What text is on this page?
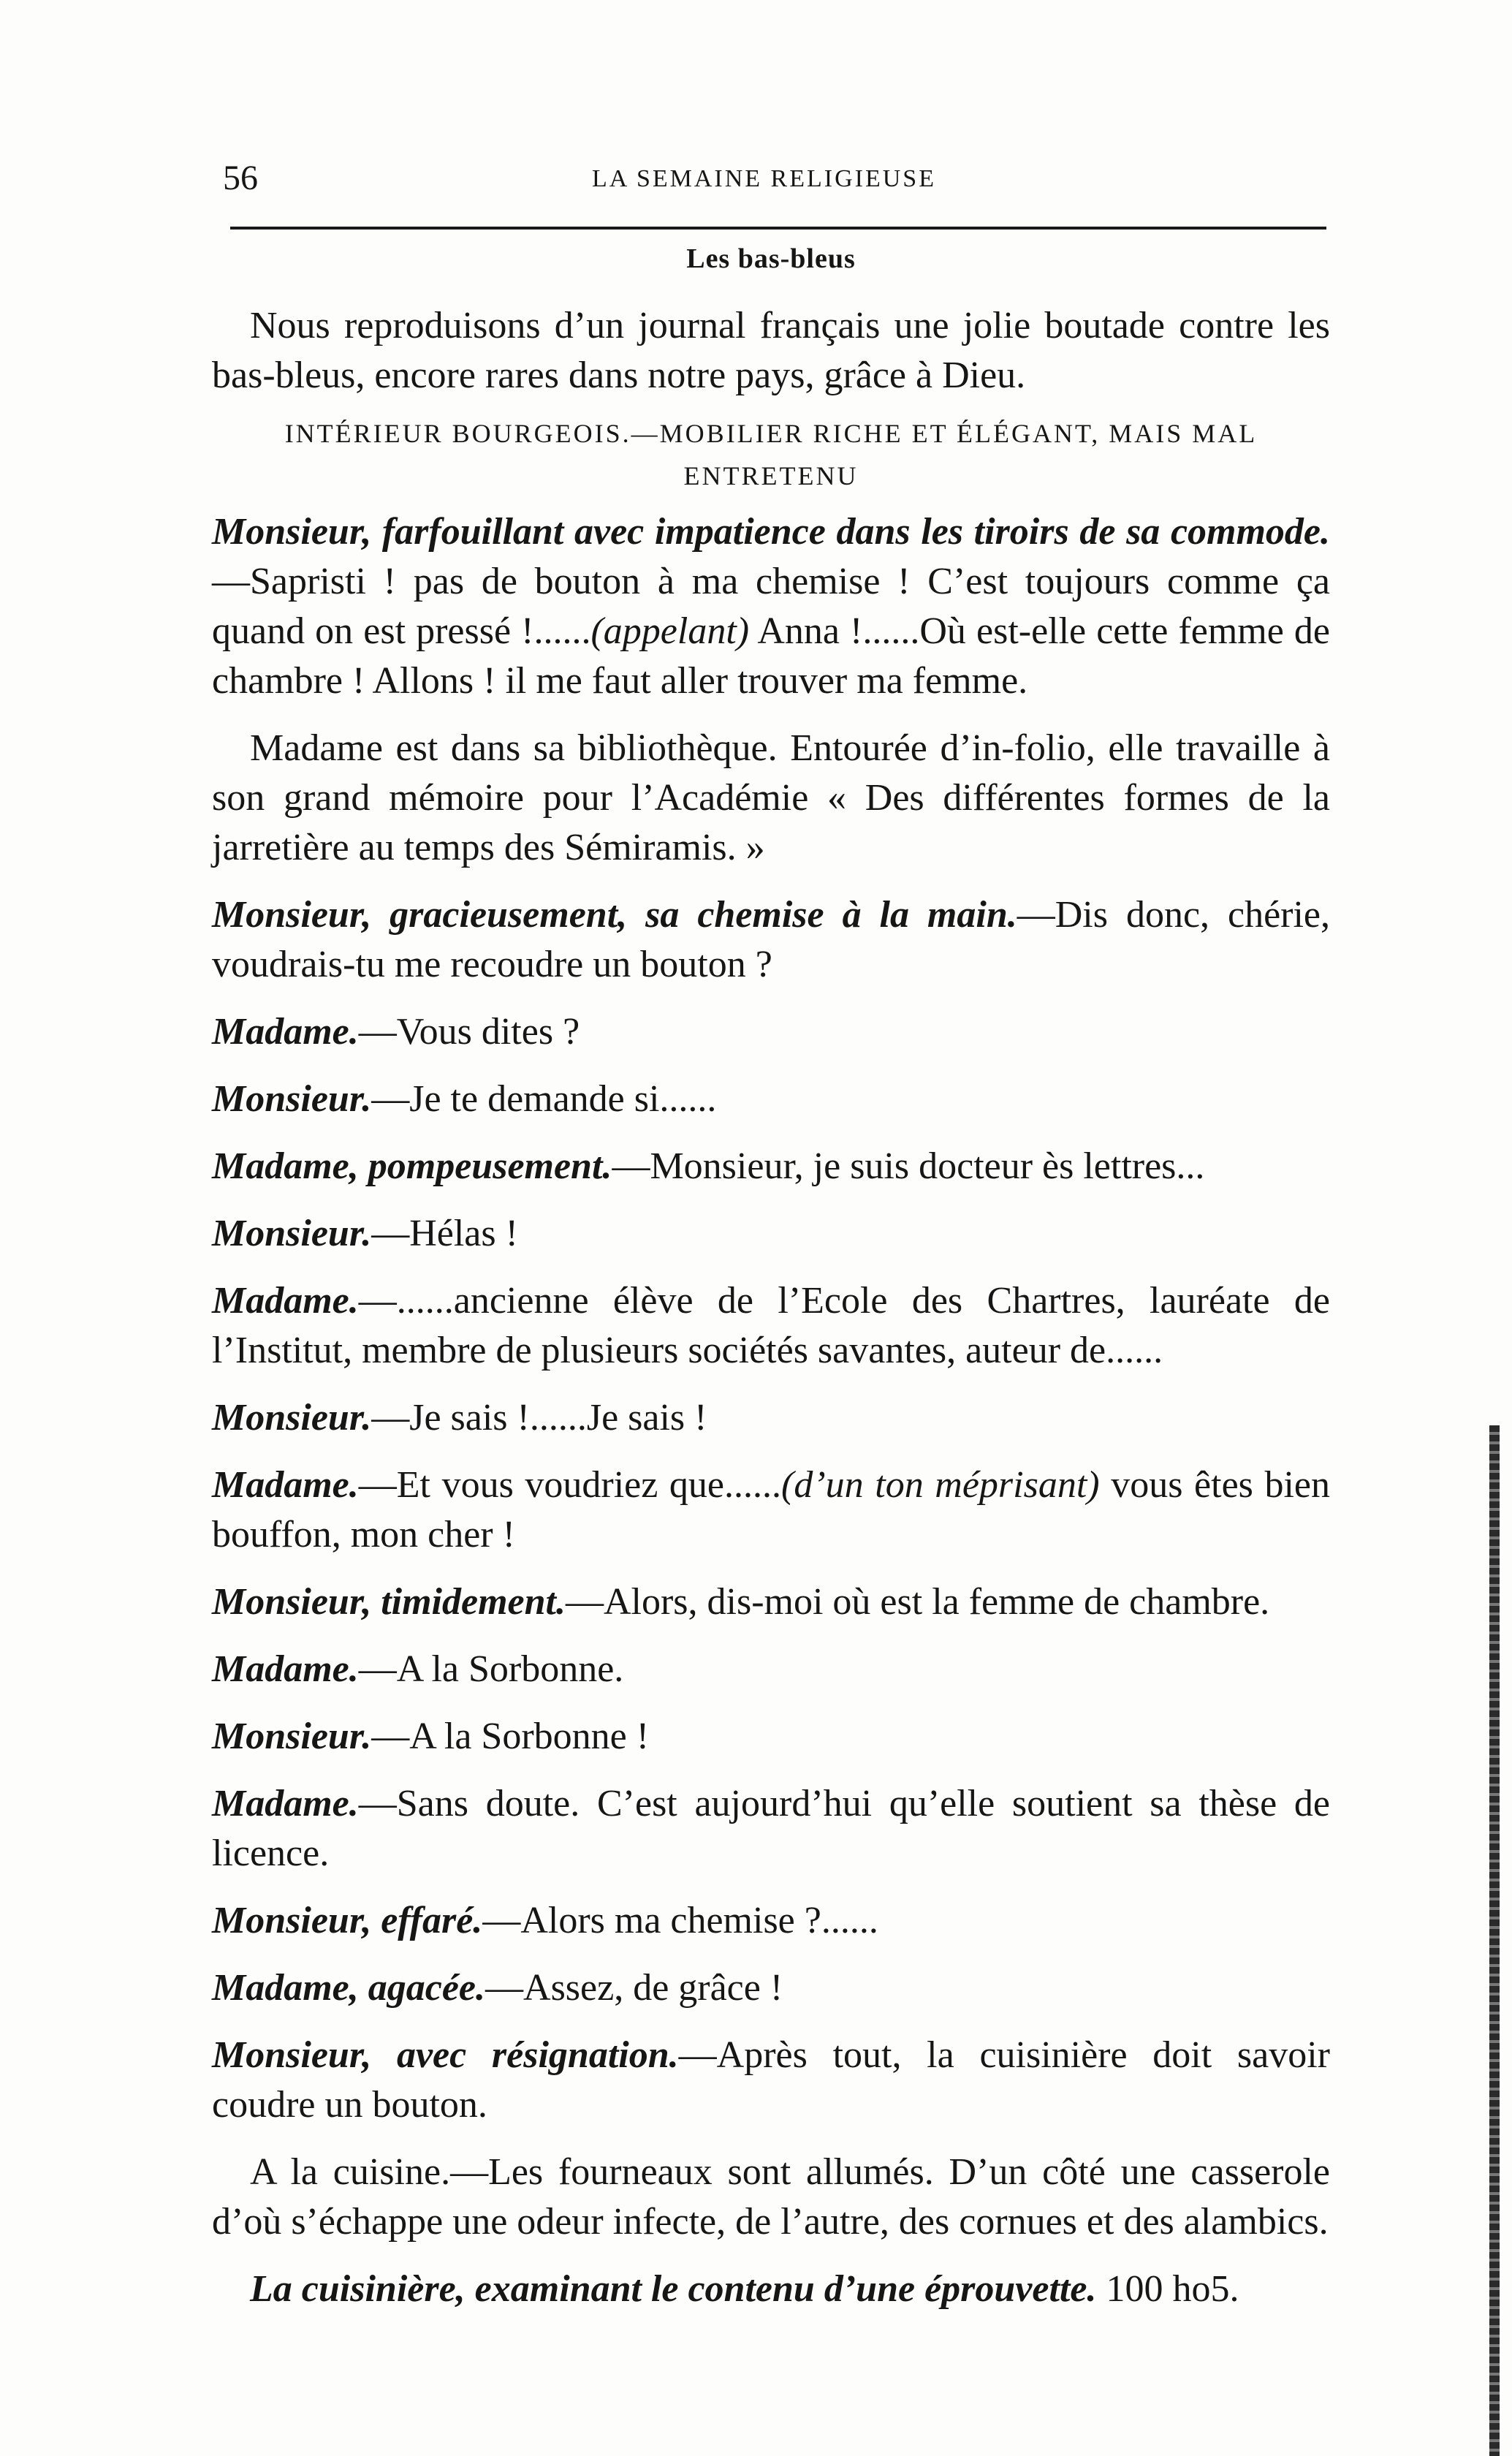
56	LA SEMAINE RELIGIEUSE
Les bas-bleus

Nous reproduisons d’un journal français une jolie boutade contre les bas-bleus, encore rares dans notre pays, grâce à Dieu.

INTÉRIEUR BOURGEOIS.—MOBILIER RICHE ET ÉLÉGANT, MAIS MAL ENTRETENU

Monsieur, farfouillant avec impatience dans les tiroirs de sa commode.—Sapristi ! pas de bouton à ma chemise ! C’est toujours comme ça quand on est pressé !......(appelant) Anna !......Où est-elle cette femme de chambre ! Allons ! il me faut aller trouver ma femme.

Madame est dans sa bibliothèque. Entourée d’in-folio, elle travaille à son grand mémoire pour l’Académie « Des différentes formes de la jarretière au temps des Sémiramis. »

Monsieur, gracieusement, sa chemise à la main.—Dis donc, chérie, voudrais-tu me recoudre un bouton ?

Madame.—Vous dites ?

Monsieur.—Je te demande si......

Madame, pompeusement.—Monsieur, je suis docteur ès lettres...

Monsieur.—Hélas !

Madame.—......ancienne élève de l’Ecole des Chartres, lauréate de l’Institut, membre de plusieurs sociétés savantes, auteur de......

Monsieur.—Je sais !......Je sais !

Madame.—Et vous voudriez que......(d’un ton méprisant) vous êtes bien bouffon, mon cher !

Monsieur, timidement.—Alors, dis-moi où est la femme de chambre.

Madame.—A la Sorbonne.

Monsieur.—A la Sorbonne !

Madame.—Sans doute. C’est aujourd’hui qu’elle soutient sa thèse de licence.

Monsieur, effaré.—Alors ma chemise ?......

Madame, agacée.—Assez, de grâce !

Monsieur, avec résignation.—Après tout, la cuisinière doit savoir coudre un bouton.

A la cuisine.—Les fourneaux sont allumés. D’un côté une casserole d’où s’échappe une odeur infecte, de l’autre, des cornues et des alambics.

La cuisinière, examinant le contenu d’une éprouvette. 100 ho5.
